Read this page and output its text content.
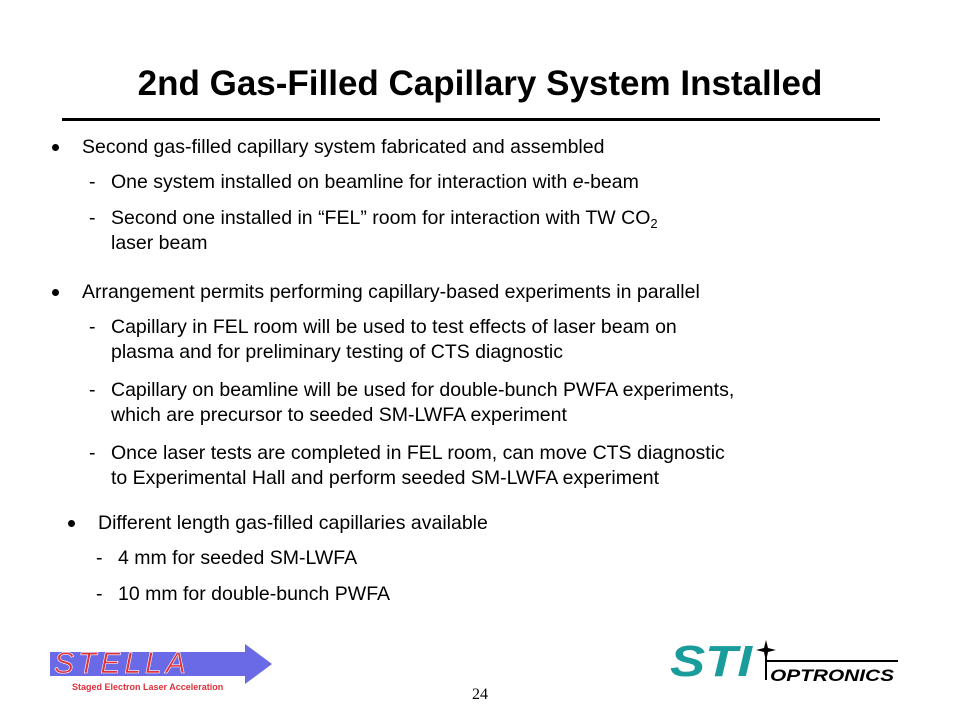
2nd Gas-Filled Capillary System Installed
Second gas-filled capillary system fabricated and assembled
- One system installed on beamline for interaction with e-beam
- Second one installed in “FEL” room for interaction with TW $CO_2$
laser beam
Arrangement permits performing capillary-based experiments in parallel
- Capillary in FEL room will be used to test effects of laser beam on
plasma and for preliminary testing of CTS diagnostic
- Capillary on beamline will be used for double-bunch PWFA experiments,
which are precursor to seeded SM-LWFA experiment
- Once laser tests are completed in FEL room, can move CTS diagnostic
to Experimental Hall and perform seeded SM-LWFA experiment
Different length gas-filled capillaries available
- 4 mm for seeded SM-LWFA
- 10 mm for double-bunch PWFA
STELLA
Staged Electron Laser Acceleration
STI OPTRONICS
24
